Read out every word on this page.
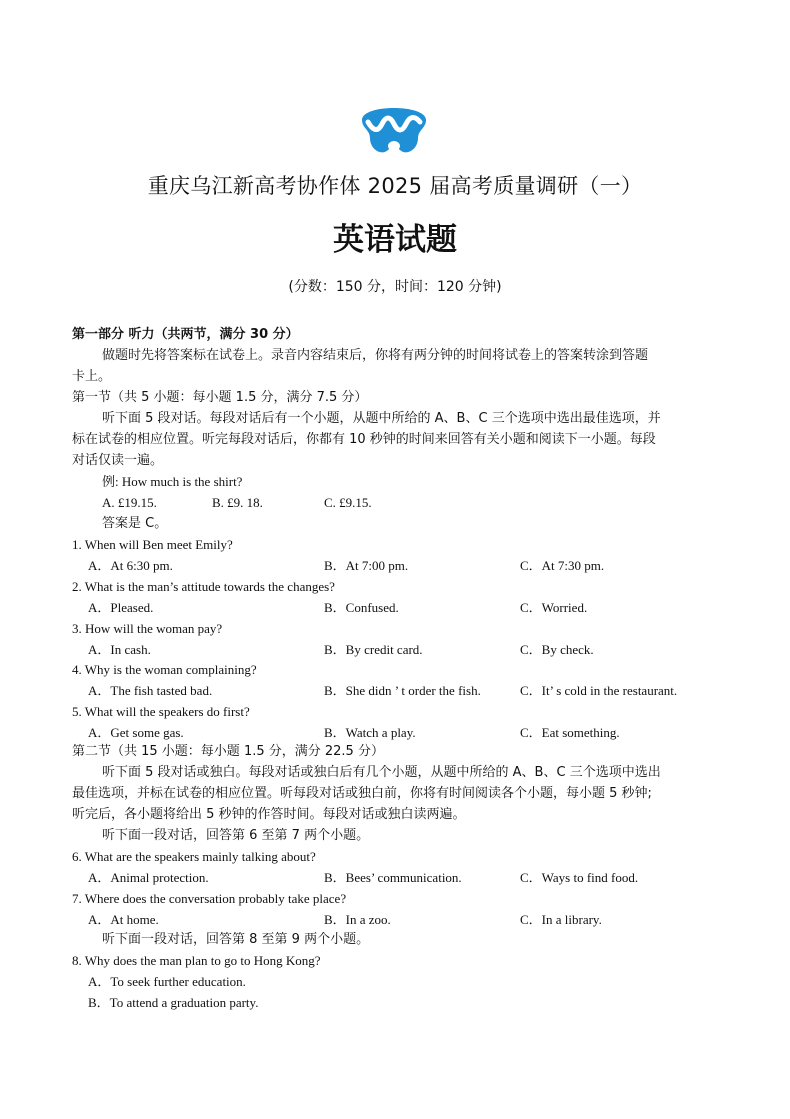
重庆乌江新高考协作体 2025 届高考质量调研（一）
英语试题
(分数：150 分，时间：120 分钟)
第一部分 听力（共两节，满分 30 分）
做题时先将答案标在试卷上。录音内容结束后，你将有两分钟的时间将试卷上的答案转涂到答题
卡上。
第一节（共 5 小题：每小题 1.5 分，满分 7.5 分）
听下面 5 段对话。每段对话后有一个小题，从题中所给的 A、B、C 三个选项中选出最佳选项，并
标在试卷的相应位置。听完每段对话后，你都有 10 秒钟的时间来回答有关小题和阅读下一小题。每段
对话仅读一遍。
例: How much is the shirt?
A. £19.15.	B. £9. 18.	C. £9.15.
答案是 C。
1. When will Ben meet Emily?
A．At 6:30 pm.	B．At 7:00 pm.	C．At 7:30 pm.
2. What is the man’s attitude towards the changes?
A．Pleased.	B．Confused.	C．Worried.
3. How will the woman pay?
A．In cash.	B．By credit card.	C．By check.
4. Why is the woman complaining?
A．The fish tasted bad.	B．She didn ’ t order the fish.	C．It’ s cold in the restaurant.
5. What will the speakers do first?
A．Get some gas.	B．Watch a play.	C．Eat something.
第二节（共 15 小题：每小题 1.5 分，满分 22.5 分）
听下面 5 段对话或独白。每段对话或独白后有几个小题，从题中所给的 A、B、C 三个选项中选出
最佳选项，并标在试卷的相应位置。听每段对话或独白前，你将有时间阅读各个小题，每小题 5 秒钟;
听完后，各小题将给出 5 秒钟的作答时间。每段对话或独白读两遍。
听下面一段对话，回答第 6 至第 7 两个小题。
6. What are the speakers mainly talking about?
A．Animal protection.	B．Bees’ communication.	C．Ways to find food.
7. Where does the conversation probably take place?
A．At home.	B．In a zoo.	C．In a library.
听下面一段对话，回答第 8 至第 9 两个小题。
8. Why does the man plan to go to Hong Kong?
A．To seek further education.
B．To attend a graduation party.
